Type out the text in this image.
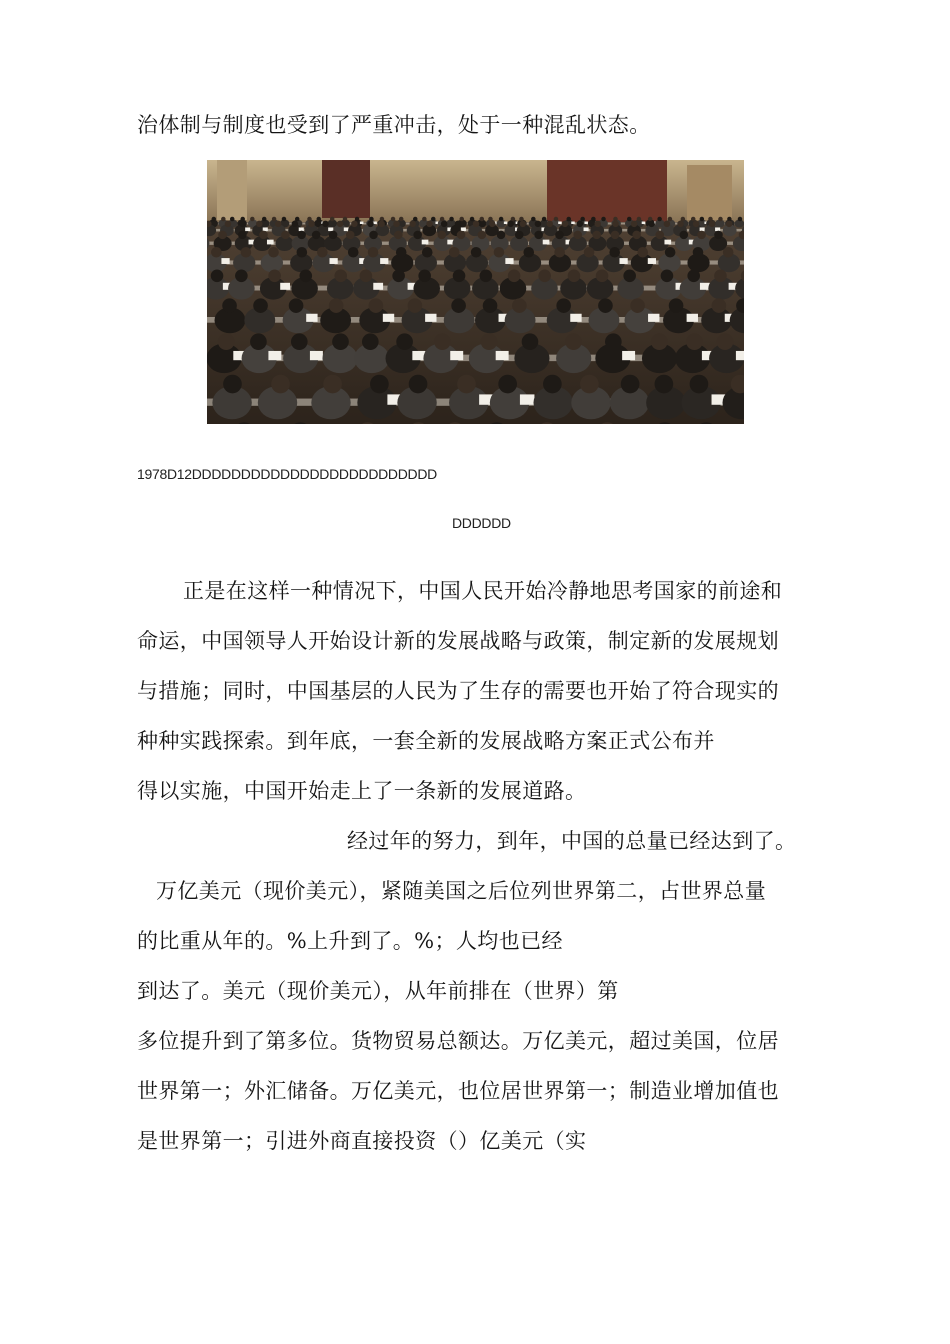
治体制与制度也受到了严重冲击，处于一种混乱状态。
1978D12DDDDDDDDDDDDDDDDDDDDDDDDD
DDDDDD
正是在这样一种情况下，中国人民开始冷静地思考国家的前途和
命运，中国领导人开始设计新的发展战略与政策，制定新的发展规划
与措施；同时，中国基层的人民为了生存的需要也开始了符合现实的
种种实践探索。到年底，一套全新的发展战略方案正式公布并
得以实施，中国开始走上了一条新的发展道路。
经过年的努力，到年，中国的总量已经达到了。
万亿美元（现价美元），紧随美国之后位列世界第二，占世界总量
的比重从年的。%上升到了。%；人均也已经
到达了。美元（现价美元），从年前排在（世界）第
多位提升到了第多位。货物贸易总额达。万亿美元，超过美国，位居
世界第一；外汇储备。万亿美元，也位居世界第一；制造业增加值也
是世界第一；引进外商直接投资（）亿美元（实
